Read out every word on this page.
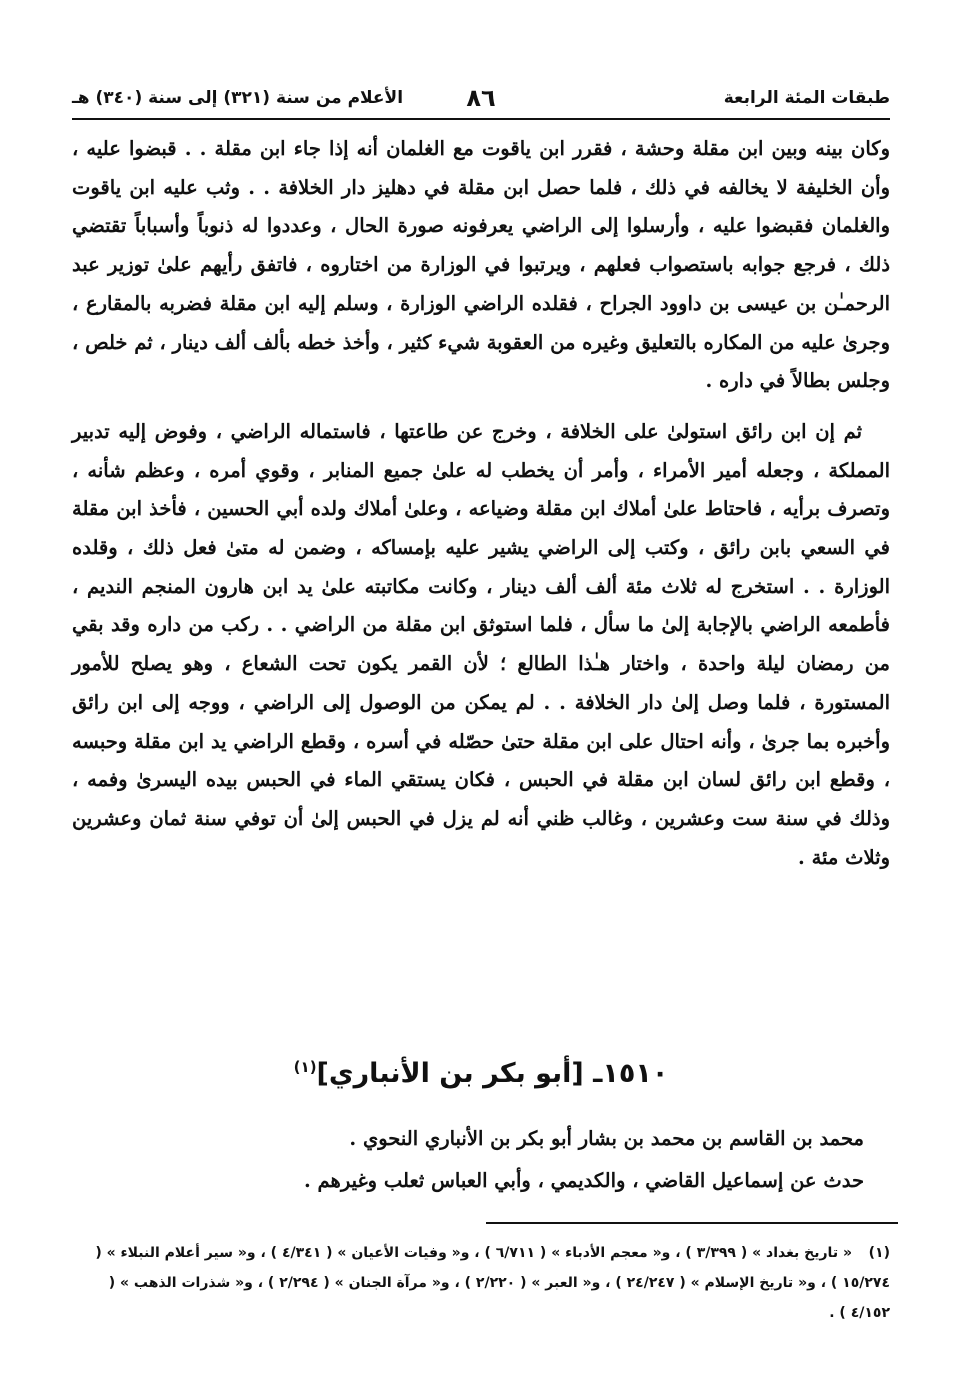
طبقات المئة الرابعة
٨٦
الأعلام من سنة (٣٢١) إلى سنة (٣٤٠) هـ

وكان بينه وبين ابن مقلة وحشة ، فقرر ابن ياقوت مع الغلمان أنه إذا جاء ابن مقلة . . قبضوا عليه ، وأن الخليفة لا يخالفه في ذلك ، فلما حصل ابن مقلة في دهليز دار الخلافة . . وثب عليه ابن ياقوت والغلمان فقبضوا عليه ، وأرسلوا إلى الراضي يعرفونه صورة الحال ، وعددوا له ذنوباً وأسباباً تقتضي ذلك ، فرجع جوابه باستصواب فعلهم ، ويرتبوا في الوزارة من اختاروه ، فاتفق رأيهم علىٰ توزير عبد الرحمـٰن بن عيسى بن داوود الجراح ، فقلده الراضي الوزارة ، وسلم إليه ابن مقلة فضربه بالمقارع ، وجرىٰ عليه من المكاره بالتعليق وغيره من العقوبة شيء كثير ، وأخذ خطه بألف ألف دينار ، ثم خلص ، وجلس بطالاً في داره .

ثم إن ابن رائق استولىٰ على الخلافة ، وخرج عن طاعتها ، فاستماله الراضي ، وفوض إليه تدبير المملكة ، وجعله أمير الأمراء ، وأمر أن يخطب له علىٰ جميع المنابر ، وقوي أمره ، وعظم شأنه ، وتصرف برأيه ، فاحتاط علىٰ أملاك ابن مقلة وضياعه ، وعلىٰ أملاك ولده أبي الحسين ، فأخذ ابن مقلة في السعي بابن رائق ، وكتب إلى الراضي يشير عليه بإمساكه ، وضمن له متىٰ فعل ذلك ، وقلده الوزارة . . استخرج له ثلاث مئة ألف ألف دينار ، وكانت مكاتبته علىٰ يد ابن هارون المنجم النديم ، فأطمعه الراضي بالإجابة إلىٰ ما سأل ، فلما استوثق ابن مقلة من الراضي . . ركب من داره وقد بقي من رمضان ليلة واحدة ، واختار هـٰذا الطالع ؛ لأن القمر يكون تحت الشعاع ، وهو يصلح للأمور المستورة ، فلما وصل إلىٰ دار الخلافة . . لم يمكن من الوصول إلى الراضي ، ووجه إلى ابن رائق وأخبره بما جرىٰ ، وأنه احتال على ابن مقلة حتىٰ حصّله في أسره ، وقطع الراضي يد ابن مقلة وحبسه ، وقطع ابن رائق لسان ابن مقلة في الحبس ، فكان يستقي الماء في الحبس بيده اليسرىٰ وفمه ، وذلك في سنة ست وعشرين ، وغالب ظني أنه لم يزل في الحبس إلىٰ أن توفي سنة ثمان وعشرين وثلاث مئة .

١٥١٠ـ [أبو بكر بن الأنباري]$^{(١)}$

محمد بن القاسم بن محمد بن بشار أبو بكر بن الأنباري النحوي .

حدث عن إسماعيل القاضي ، والكديمي ، وأبي العباس ثعلب وغيرهم .

(١)« تاريخ بغداد » ( ٣/٣٩٩ ) ، و« معجم الأدباء » ( ٦/٧١١ ) ، و« وفيات الأعيان » ( ٤/٣٤١ ) ، و« سير أعلام النبلاء » ( ١٥/٢٧٤ ) ، و« تاريخ الإسلام » ( ٢٤/٢٤٧ ) ، و« العبر » ( ٢/٢٢٠ ) ، و« مرآة الجنان » ( ٢/٢٩٤ ) ، و« شذرات الذهب » ( ٤/١٥٢ ) .
